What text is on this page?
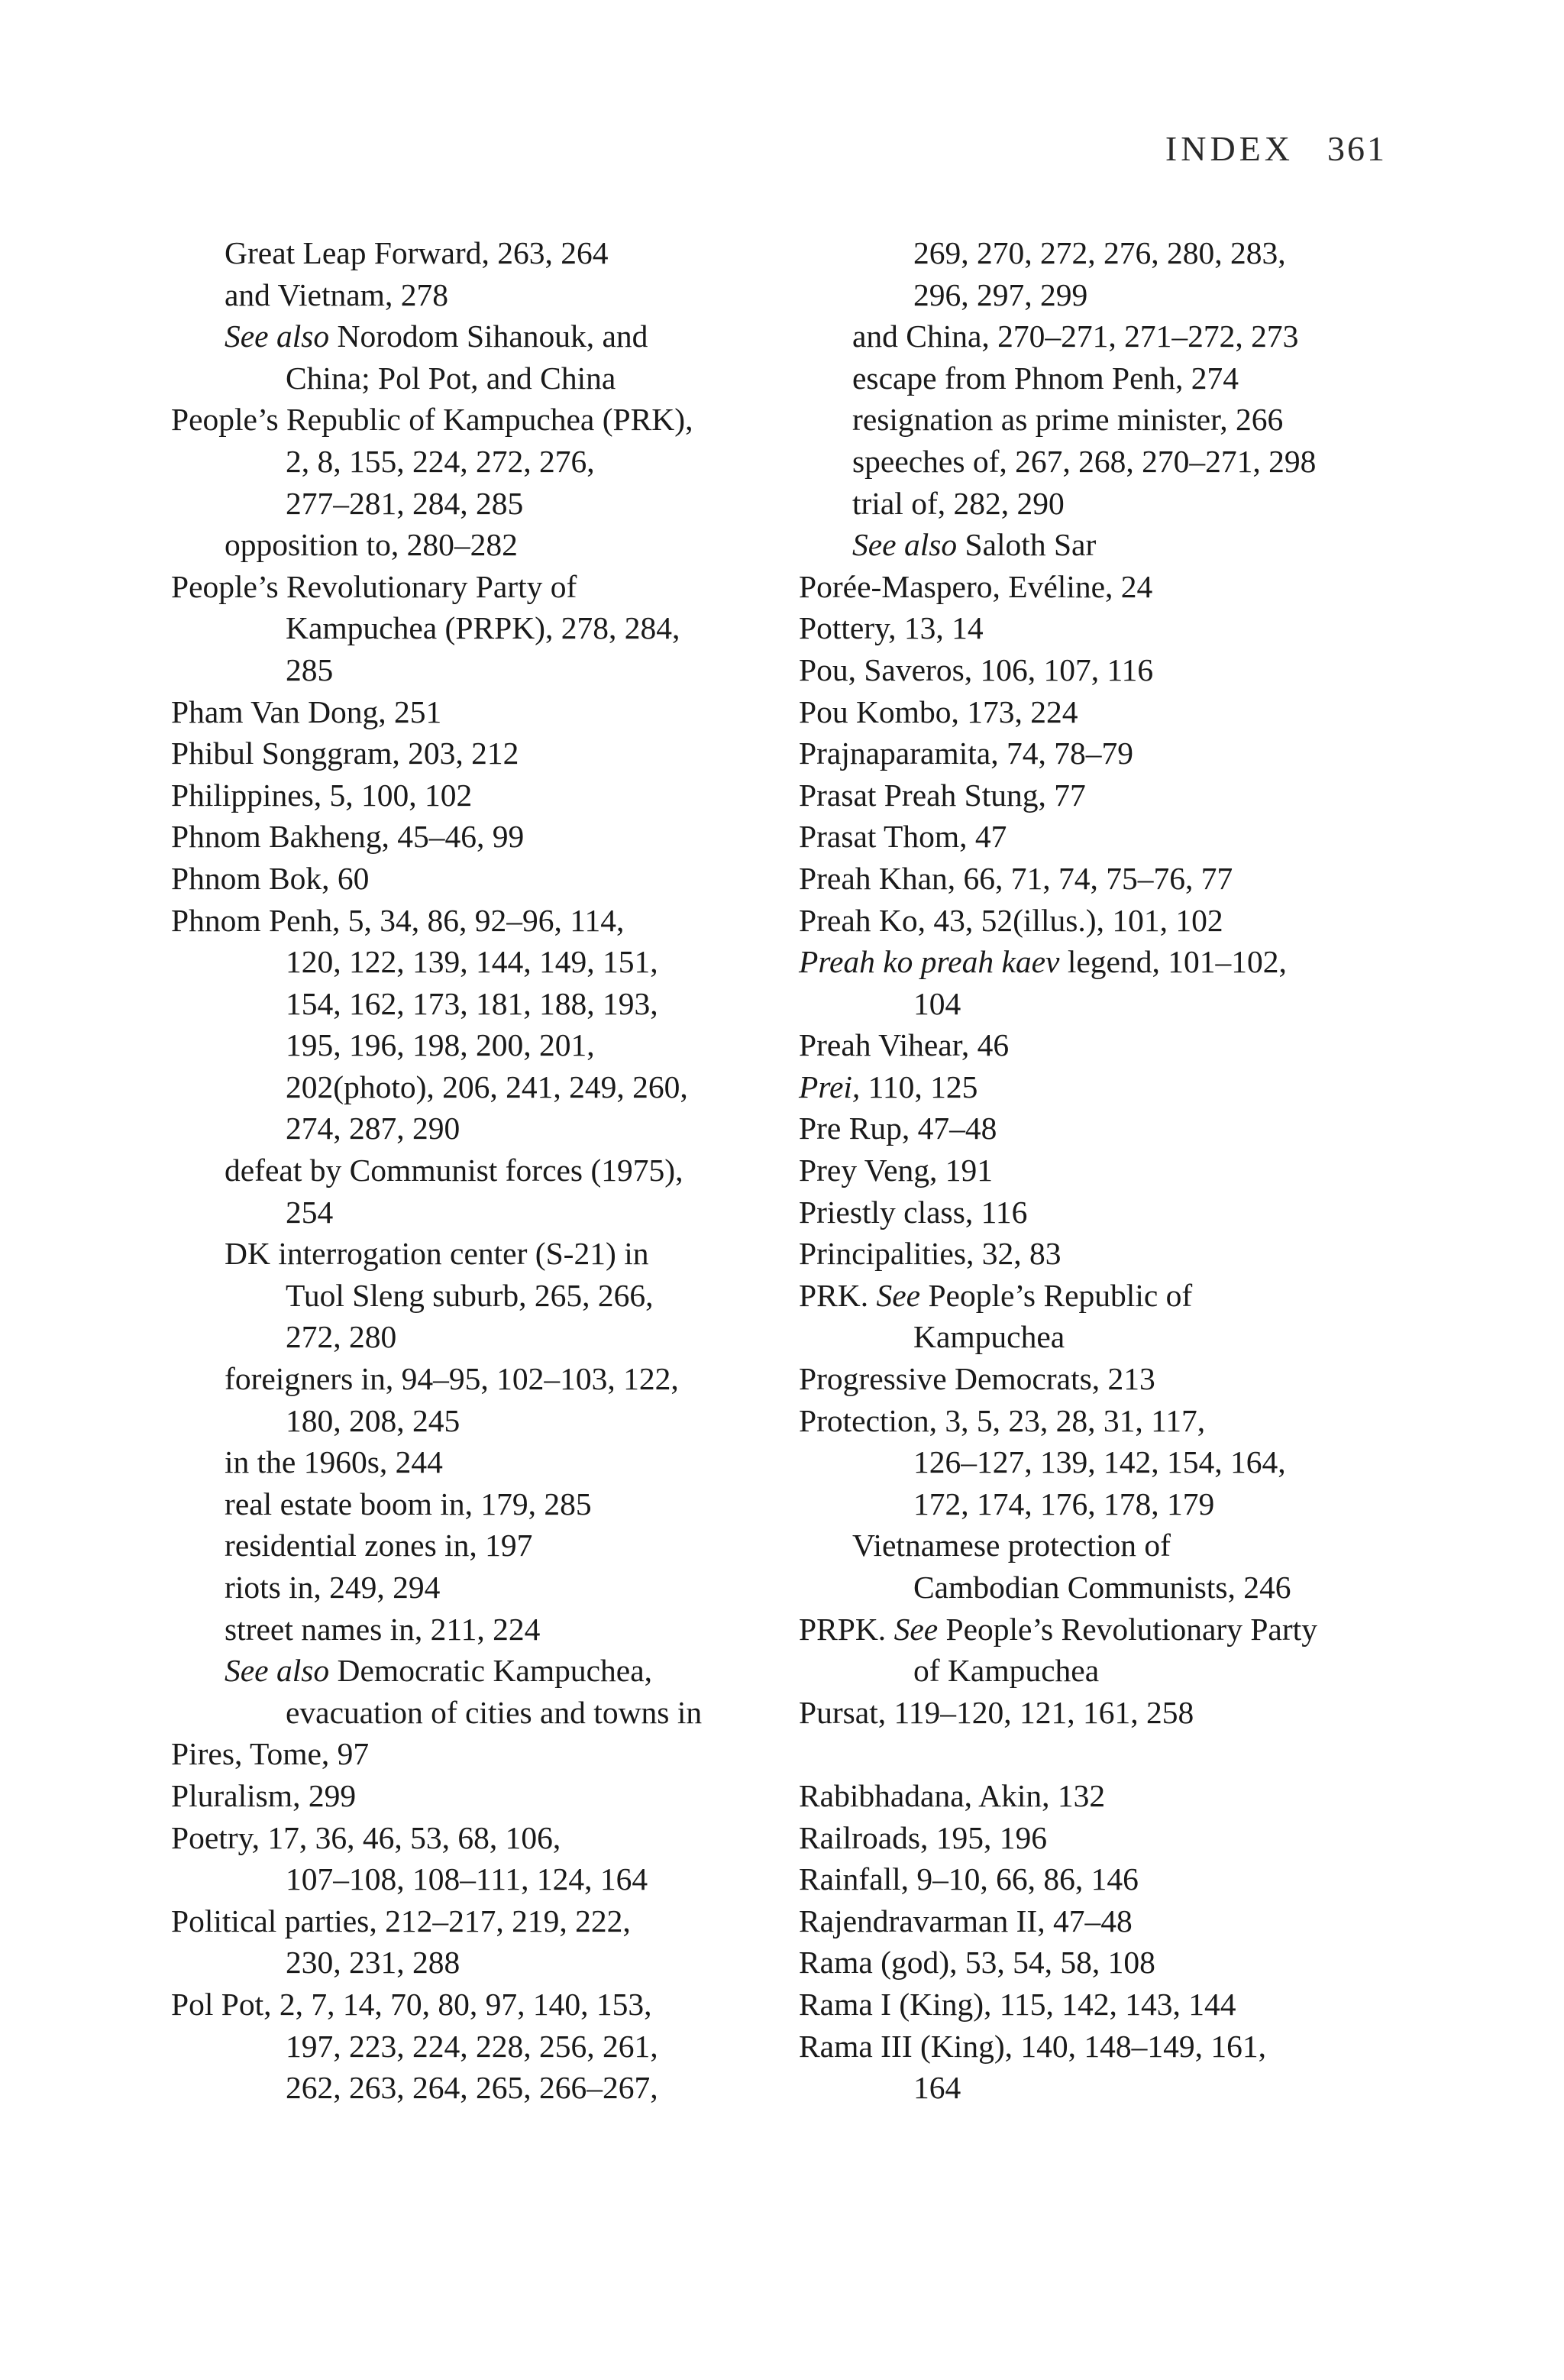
INDEX 361
Great Leap Forward, 263, 264
and Vietnam, 278
See also Norodom Sihanouk, and
China; Pol Pot, and China
People’s Republic of Kampuchea (PRK),
2, 8, 155, 224, 272, 276,
277–281, 284, 285
opposition to, 280–282
People’s Revolutionary Party of
Kampuchea (PRPK), 278, 284,
285
Pham Van Dong, 251
Phibul Songgram, 203, 212
Philippines, 5, 100, 102
Phnom Bakheng, 45–46, 99
Phnom Bok, 60
Phnom Penh, 5, 34, 86, 92–96, 114,
120, 122, 139, 144, 149, 151,
154, 162, 173, 181, 188, 193,
195, 196, 198, 200, 201,
202(photo), 206, 241, 249, 260,
274, 287, 290
defeat by Communist forces (1975),
254
DK interrogation center (S-21) in
Tuol Sleng suburb, 265, 266,
272, 280
foreigners in, 94–95, 102–103, 122,
180, 208, 245
in the 1960s, 244
real estate boom in, 179, 285
residential zones in, 197
riots in, 249, 294
street names in, 211, 224
See also Democratic Kampuchea,
evacuation of cities and towns in
Pires, Tome, 97
Pluralism, 299
Poetry, 17, 36, 46, 53, 68, 106,
107–108, 108–111, 124, 164
Political parties, 212–217, 219, 222,
230, 231, 288
Pol Pot, 2, 7, 14, 70, 80, 97, 140, 153,
197, 223, 224, 228, 256, 261,
262, 263, 264, 265, 266–267,
269, 270, 272, 276, 280, 283,
296, 297, 299
and China, 270–271, 271–272, 273
escape from Phnom Penh, 274
resignation as prime minister, 266
speeches of, 267, 268, 270–271, 298
trial of, 282, 290
See also Saloth Sar
Porée-Maspero, Evéline, 24
Pottery, 13, 14
Pou, Saveros, 106, 107, 116
Pou Kombo, 173, 224
Prajnaparamita, 74, 78–79
Prasat Preah Stung, 77
Prasat Thom, 47
Preah Khan, 66, 71, 74, 75–76, 77
Preah Ko, 43, 52(illus.), 101, 102
Preah ko preah kaev legend, 101–102,
104
Preah Vihear, 46
Prei, 110, 125
Pre Rup, 47–48
Prey Veng, 191
Priestly class, 116
Principalities, 32, 83
PRK. See People’s Republic of
Kampuchea
Progressive Democrats, 213
Protection, 3, 5, 23, 28, 31, 117,
126–127, 139, 142, 154, 164,
172, 174, 176, 178, 179
Vietnamese protection of
Cambodian Communists, 246
PRPK. See People’s Revolutionary Party
of Kampuchea
Pursat, 119–120, 121, 161, 258
Rabibhadana, Akin, 132
Railroads, 195, 196
Rainfall, 9–10, 66, 86, 146
Rajendravarman II, 47–48
Rama (god), 53, 54, 58, 108
Rama I (King), 115, 142, 143, 144
Rama III (King), 140, 148–149, 161,
164
